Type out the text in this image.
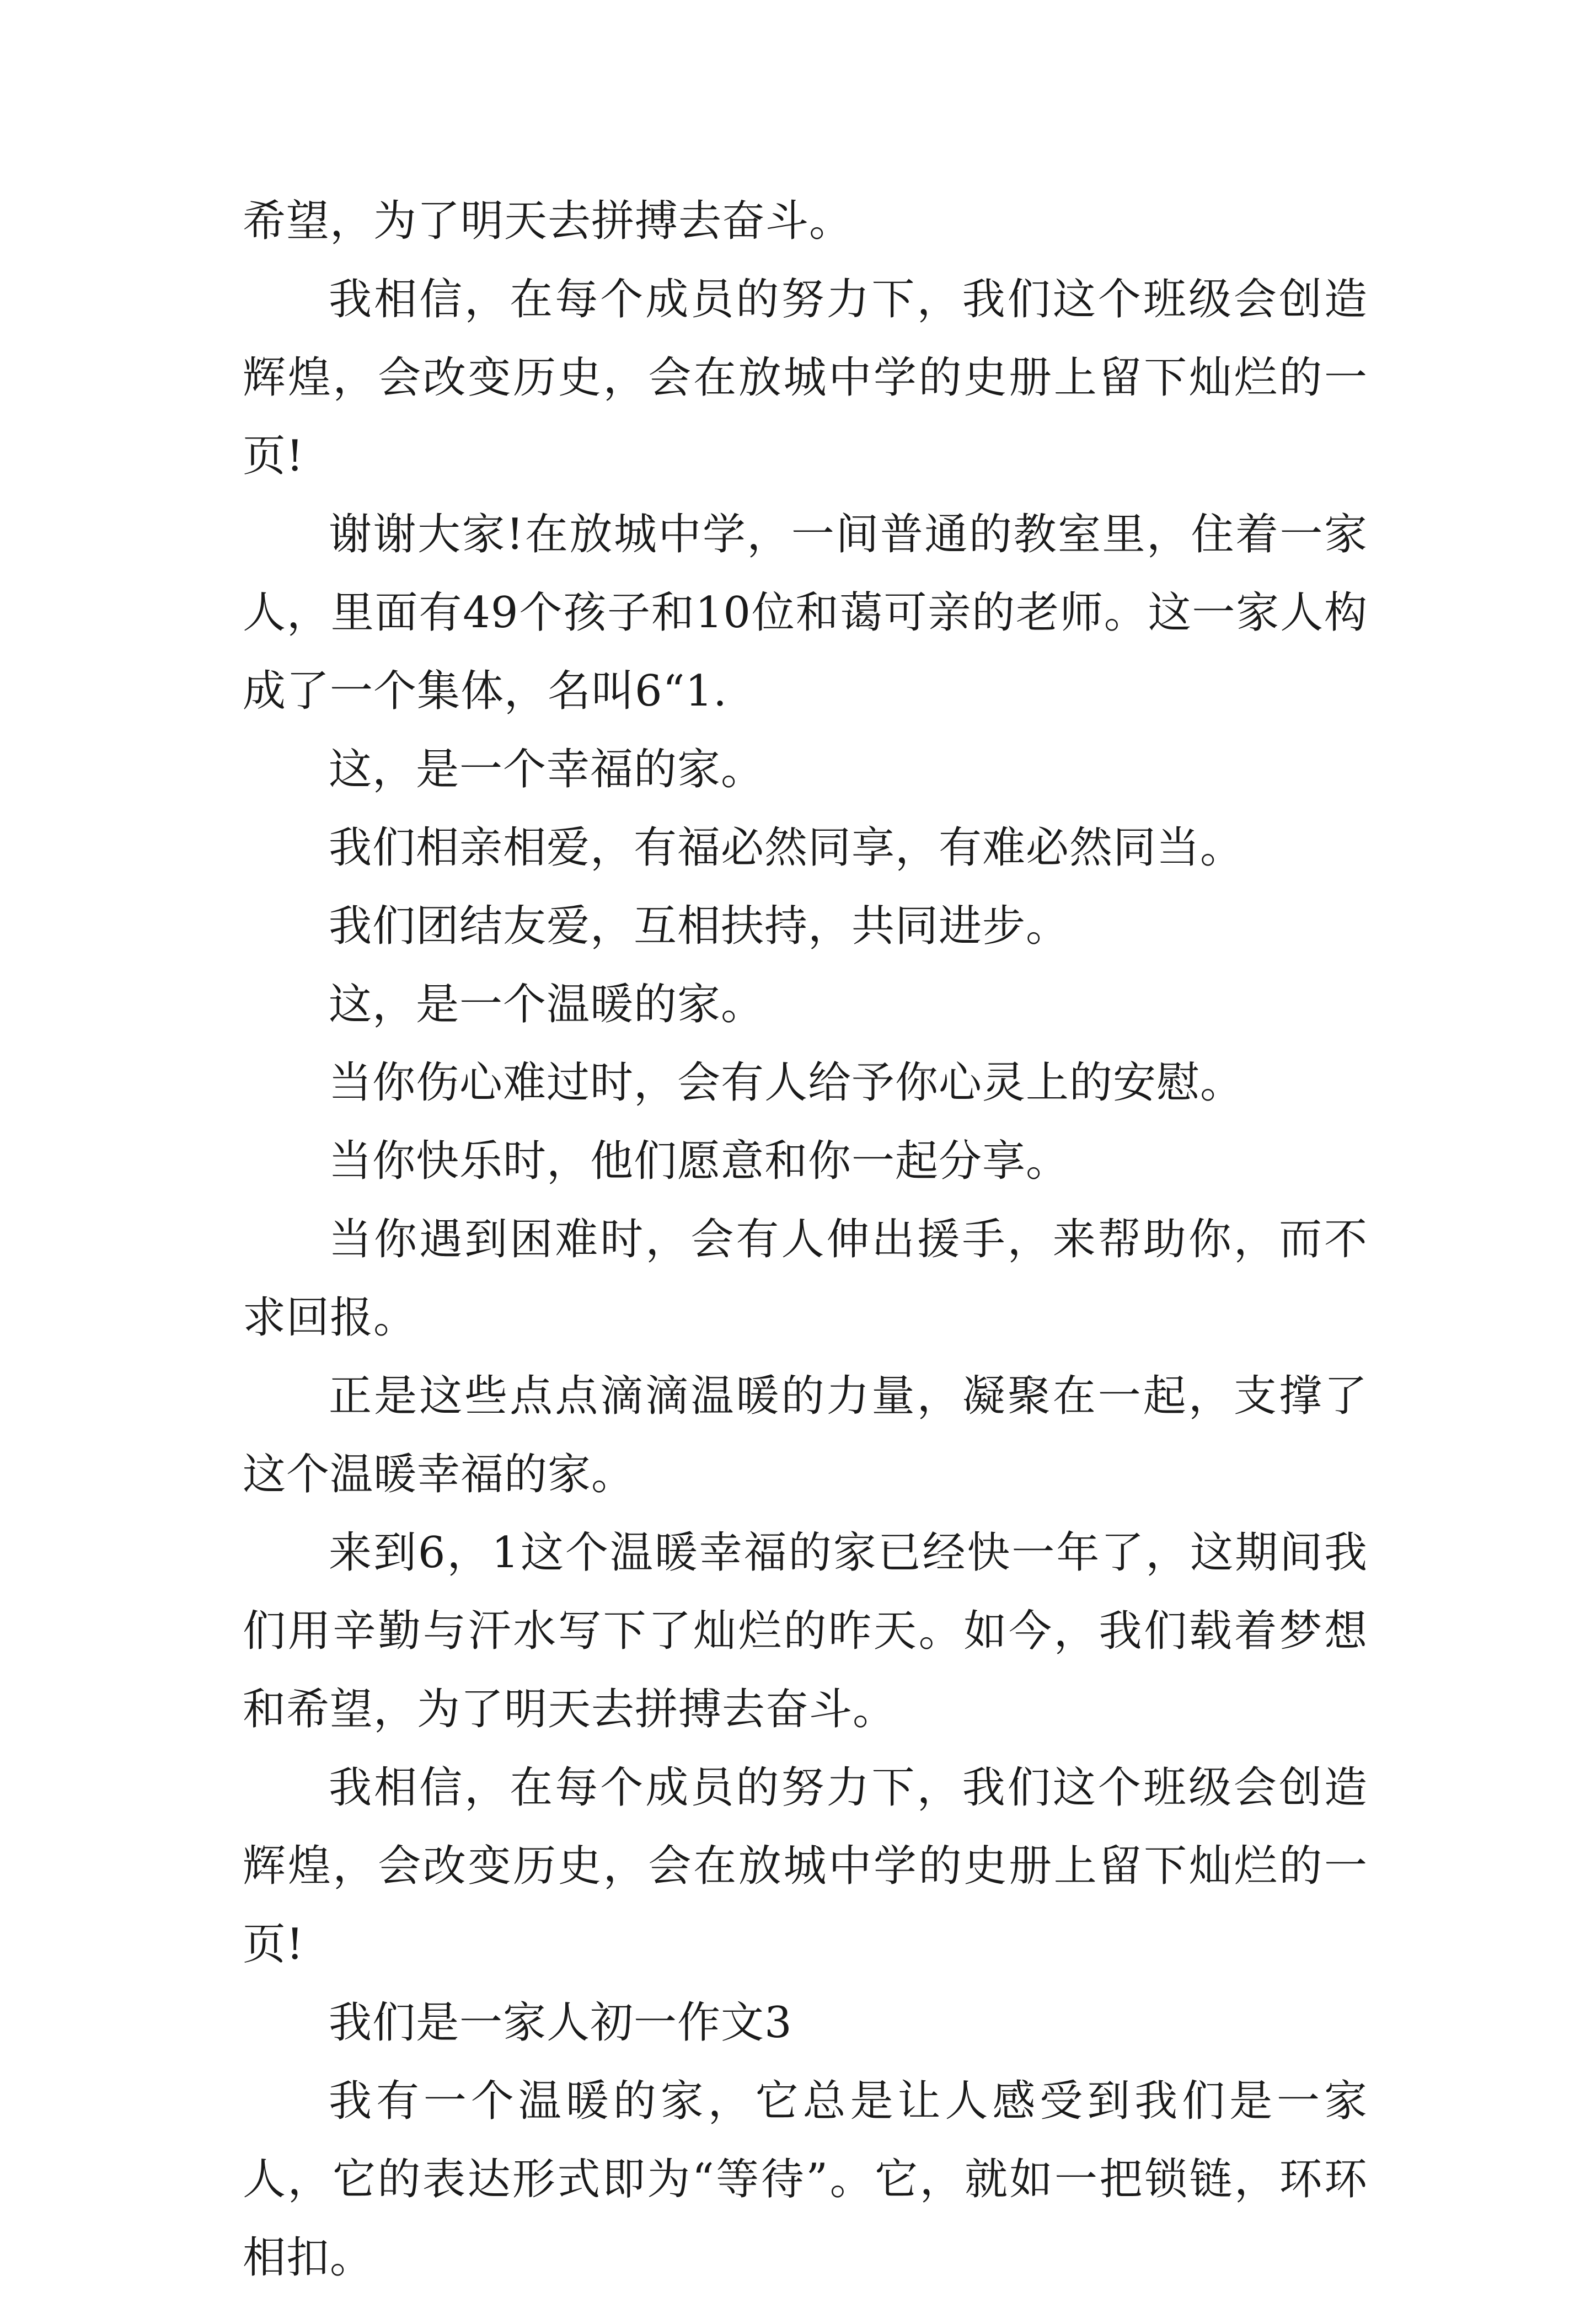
希望，为了明天去拼搏去奋斗。

我相信，在每个成员的努力下，我们这个班级会创造辉煌，会改变历史，会在放城中学的史册上留下灿烂的一页!

谢谢大家!在放城中学，一间普通的教室里，住着一家人，里面有49个孩子和10位和蔼可亲的老师。这一家人构成了一个集体，名叫6“1.

这，是一个幸福的家。

我们相亲相爱，有福必然同享，有难必然同当。

我们团结友爱，互相扶持，共同进步。

这，是一个温暖的家。

当你伤心难过时，会有人给予你心灵上的安慰。

当你快乐时，他们愿意和你一起分享。

当你遇到困难时，会有人伸出援手，来帮助你，而不求回报。

正是这些点点滴滴温暖的力量，凝聚在一起，支撑了这个温暖幸福的家。

来到6，1这个温暖幸福的家已经快一年了，这期间我们用辛勤与汗水写下了灿烂的昨天。如今，我们载着梦想和希望，为了明天去拼搏去奋斗。

我相信，在每个成员的努力下，我们这个班级会创造辉煌，会改变历史，会在放城中学的史册上留下灿烂的一页!

我们是一家人初一作文3

我有一个温暖的家，它总是让人感受到我们是一家人，它的表达形式即为“等待”。它，就如一把锁链，环环相扣。
